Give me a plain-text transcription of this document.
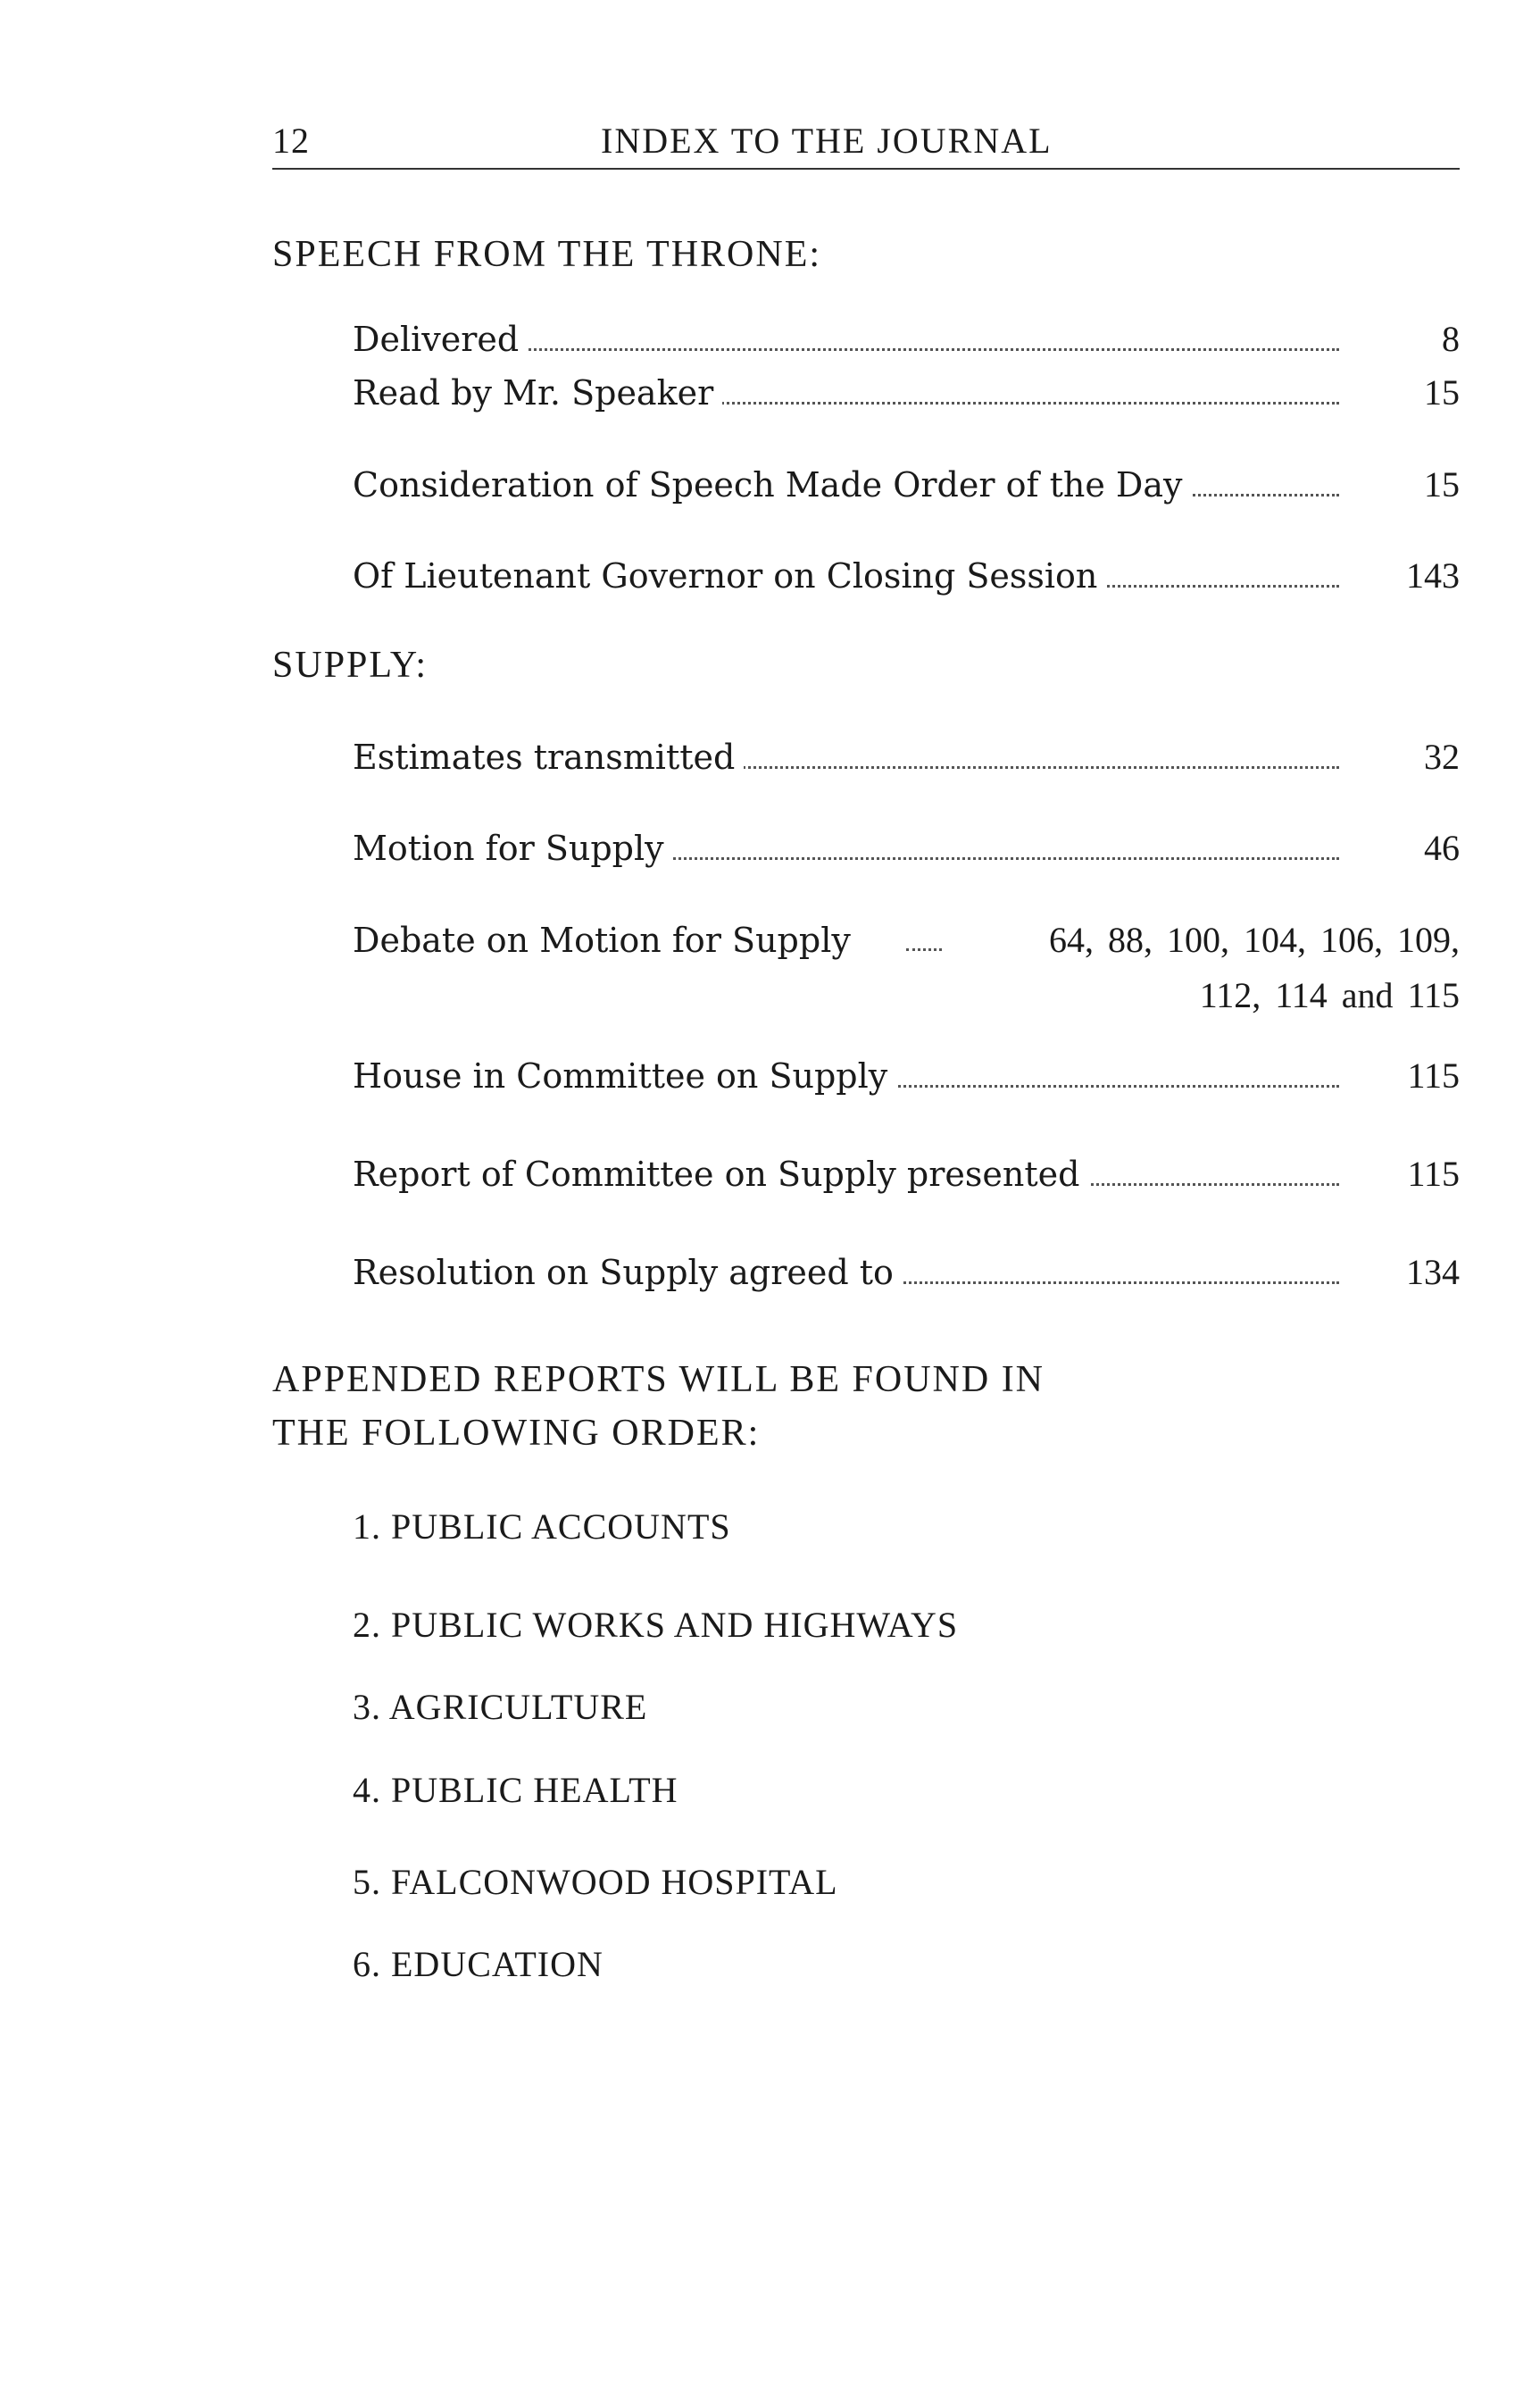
12	INDEX TO THE JOURNAL
SPEECH FROM THE THRONE:
Delivered	8
Read by Mr. Speaker	15
Consideration of Speech Made Order of the Day	15
Of Lieutenant Governor on Closing Session	143
SUPPLY:
Estimates transmitted	32
Motion for Supply	46
Debate on Motion for Supply	64, 88, 100, 104, 106, 109,
112, 114 and 115
House in Committee on Supply	115
Report of Committee on Supply presented	115
Resolution on Supply agreed to	134
APPENDED REPORTS WILL BE FOUND IN
THE FOLLOWING ORDER:
1. PUBLIC ACCOUNTS
2. PUBLIC WORKS AND HIGHWAYS
3. AGRICULTURE
4. PUBLIC HEALTH
5. FALCONWOOD HOSPITAL
6. EDUCATION
